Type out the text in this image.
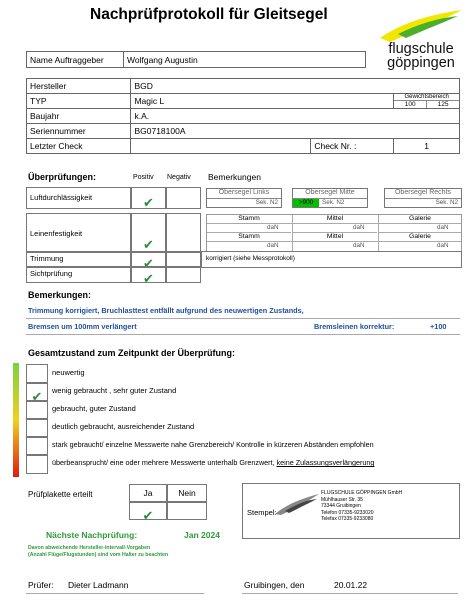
Nachprüfprotokoll für Gleitsegel
flugschule
göppingen
Name Auftraggeber	Wolfgang Augustin
Hersteller	BGD		
TYP	Magic L		Gewichtsbereich
100 125

Baujahr	k.A.		
Seriennummer	BG0718100A		
Letzter Check		Check Nr. :	1
Überprüfungen:	Positiv Negativ Bemerkungen
Luftdurchlässigkeit	$_✔$
Obersegel Links
Sek. N2
Obersegel Mitte
>900	Sek. N2
Obersegel Rechts
Sek. N2
Leinenfestigkeit
$_✔$
Stamm	Mittel	Galerie
daN	daN	daN
Stamm	Mittel	Galerie
daN	daN	daN
Trimmung	✔	korrigiert (siehe Messprotokoll)
Sichtprüfung	✔
Bemerkungen:
Trimmung korrigiert, Bruchlasttest entfällt aufgrund des neuwertigen Zustands,
Bremsen um 100mm verlängert	Bremsleinen korrektur:	+100
Gesamtzustand zum Zeitpunkt der Überprüfung:
$_✔$
neuwertig
wenig gebraucht , sehr guter Zustand
gebraucht, guter Zustand
deutlich gebraucht, ausreichender Zustand
stark gebraucht/ einzelne Messwerte nahe Grenzbereich/ Kontrolle in kürzeren Abständen empfohlen
überbeansprucht/ eine oder mehrere Messwerte unterhalb Grenzwert, keine Zulassungsverlängerung
Prüfplakette erteilt	Ja	Nein
$_✔$	Stempel:
FLUGSCHULE GÖPPINGEN GmbH
Mühlhauser Str. 35
73344 Gruibingen
Telefon 07335-9233020
Telefax 07335-9233080
Nächste Nachprüfung:	Jan 2024
Davon abweichende Hersteller-Intervall-Vorgaben
(Anzahl Flüge/Flugstunden) sind vom Halter zu beachten
Prüfer: Dieter Ladmann	Gruibingen, den	20.01.22
